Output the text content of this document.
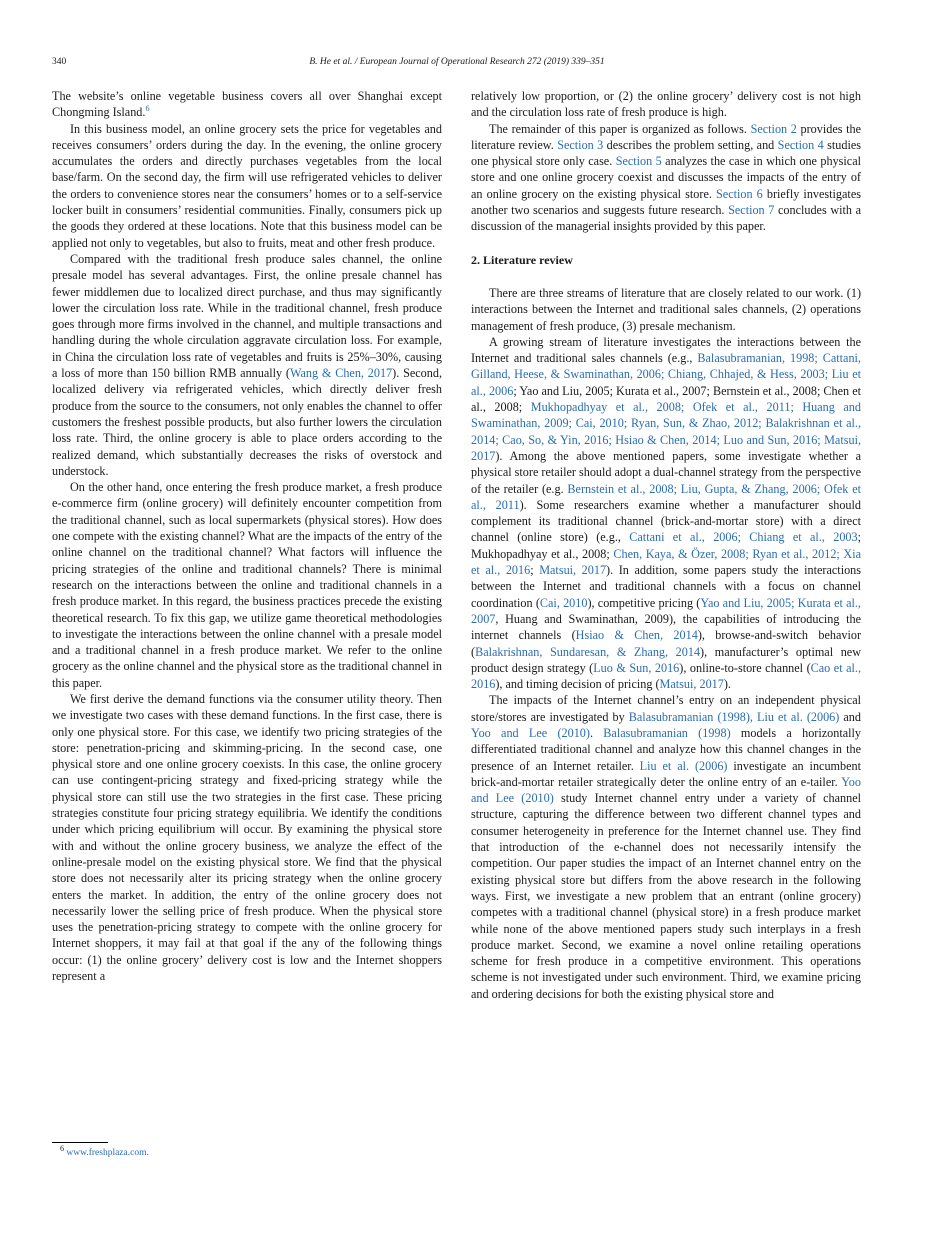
340	B. He et al. / European Journal of Operational Research 272 (2019) 339–351

The website’s online vegetable business covers all over Shanghai except Chongming Island.$^6$

In this business model, an online grocery sets the price for vegetables and receives consumers’ orders during the day. In the evening, the online grocery accumulates the orders and directly purchases vegetables from the local base/farm. On the second day, the firm will use refrigerated vehicles to deliver the orders to convenience stores near the consumers’ homes or to a self-service locker built in consumers’ residential communities. Finally, consumers pick up the goods they ordered at these locations. Note that this business model can be applied not only to vegetables, but also to fruits, meat and other fresh produce.

Compared with the traditional fresh produce sales channel, the online presale model has several advantages. First, the online presale channel has fewer middlemen due to localized direct purchase, and thus may significantly lower the circulation loss rate. While in the traditional channel, fresh produce goes through more firms involved in the channel, and multiple transactions and handling during the whole circulation aggravate circulation loss. For example, in China the circulation loss rate of vegetables and fruits is 25%–30%, causing a loss of more than 150 billion RMB annually (Wang & Chen, 2017). Second, localized delivery via refrigerated vehicles, which directly deliver fresh produce from the source to the consumers, not only enables the channel to offer customers the freshest possible products, but also further lowers the circulation loss rate. Third, the online grocery is able to place orders according to the realized demand, which substantially decreases the risks of overstock and understock.

On the other hand, once entering the fresh produce market, a fresh produce e-commerce firm (online grocery) will definitely encounter competition from the traditional channel, such as local supermarkets (physical stores). How does one compete with the existing channel? What are the impacts of the entry of the online channel on the traditional channel? What factors will influence the pricing strategies of the online and traditional channels? There is minimal research on the interactions between the online and traditional channels in a fresh produce market. In this regard, the business practices precede the existing theoretical research. To fix this gap, we utilize game theoretical methodologies to investigate the interactions between the online channel with a presale model and a traditional channel in a fresh produce market. We refer to the online grocery as the online channel and the physical store as the traditional channel in this paper.

We first derive the demand functions via the consumer utility theory. Then we investigate two cases with these demand functions. In the first case, there is only one physical store. For this case, we identify two pricing strategies of the store: penetration-pricing and skimming-pricing. In the second case, one physical store and one online grocery coexists. In this case, the online grocery can use contingent-pricing strategy and fixed-pricing strategy while the physical store can still use the two strategies in the first case. These pricing strategies constitute four pricing strategy equilibria. We identify the conditions under which pricing equilibrium will occur. By examining the physical store with and without the online grocery business, we analyze the effect of the online-presale model on the existing physical store. We find that the physical store does not necessarily alter its pricing strategy when the online grocery enters the market. In addition, the entry of the online grocery does not necessarily lower the selling price of fresh produce. When the physical store uses the penetration-pricing strategy to compete with the online grocery for Internet shoppers, it may fail at that goal if the any of the following things occur: (1) the online grocery’ delivery cost is low and the Internet shoppers represent a

relatively low proportion, or (2) the online grocery’ delivery cost is not high and the circulation loss rate of fresh produce is high.

The remainder of this paper is organized as follows. Section 2 provides the literature review. Section 3 describes the problem setting, and Section 4 studies one physical store only case. Section 5 analyzes the case in which one physical store and one online grocery coexist and discusses the impacts of the entry of an online grocery on the existing physical store. Section 6 briefly investigates another two scenarios and suggests future research. Section 7 concludes with a discussion of the managerial insights provided by this paper.

2. Literature review

There are three streams of literature that are closely related to our work. (1) interactions between the Internet and traditional sales channels, (2) operations management of fresh produce, (3) presale mechanism.

A growing stream of literature investigates the interactions between the Internet and traditional sales channels (e.g., Balasubramanian, 1998; Cattani, Gilland, Heese, & Swaminathan, 2006; Chiang, Chhajed, & Hess, 2003; Liu et al., 2006; Yao and Liu, 2005; Kurata et al., 2007; Bernstein et al., 2008; Chen et al., 2008; Mukhopadhyay et al., 2008; Ofek et al., 2011; Huang and Swaminathan, 2009; Cai, 2010; Ryan, Sun, & Zhao, 2012; Balakrishnan et al., 2014; Cao, So, & Yin, 2016; Hsiao & Chen, 2014; Luo and Sun, 2016; Matsui, 2017). Among the above mentioned papers, some investigate whether a physical store retailer should adopt a dual-channel strategy from the perspective of the retailer (e.g. Bernstein et al., 2008; Liu, Gupta, & Zhang, 2006; Ofek et al., 2011). Some researchers examine whether a manufacturer should complement its traditional channel (brick-and-mortar store) with a direct channel (online store) (e.g., Cattani et al., 2006; Chiang et al., 2003; Mukhopadhyay et al., 2008; Chen, Kaya, & Özer, 2008; Ryan et al., 2012; Xia et al., 2016; Matsui, 2017). In addition, some papers study the interactions between the Internet and traditional channels with a focus on channel coordination (Cai, 2010), competitive pricing (Yao and Liu, 2005; Kurata et al., 2007, Huang and Swaminathan, 2009), the capabilities of introducing the internet channels (Hsiao & Chen, 2014), browse-and-switch behavior (Balakrishnan, Sundaresan, & Zhang, 2014), manufacturer’s optimal new product design strategy (Luo & Sun, 2016), online-to-store channel (Cao et al., 2016), and timing decision of pricing (Matsui, 2017).

The impacts of the Internet channel’s entry on an independent physical store/stores are investigated by Balasubramanian (1998), Liu et al. (2006) and Yoo and Lee (2010). Balasubramanian (1998) models a horizontally differentiated traditional channel and analyze how this channel changes in the presence of an Internet retailer. Liu et al. (2006) investigate an incumbent brick-and-mortar retailer strategically deter the online entry of an e-tailer. Yoo and Lee (2010) study Internet channel entry under a variety of channel structure, capturing the difference between two different channel types and consumer heterogeneity in preference for the Internet channel use. They find that introduction of the e-channel does not necessarily intensify the competition. Our paper studies the impact of an Internet channel entry on the existing physical store but differs from the above research in the following ways. First, we investigate a new problem that an entrant (online grocery) competes with a traditional channel (physical store) in a fresh produce market while none of the above mentioned papers study such interplays in a fresh produce market. Second, we examine a novel online retailing operations scheme for fresh produce in a competitive environment. This operations scheme is not investigated under such environment. Third, we examine pricing and ordering decisions for both the existing physical store and

$^6$ www.freshplaza.com.
